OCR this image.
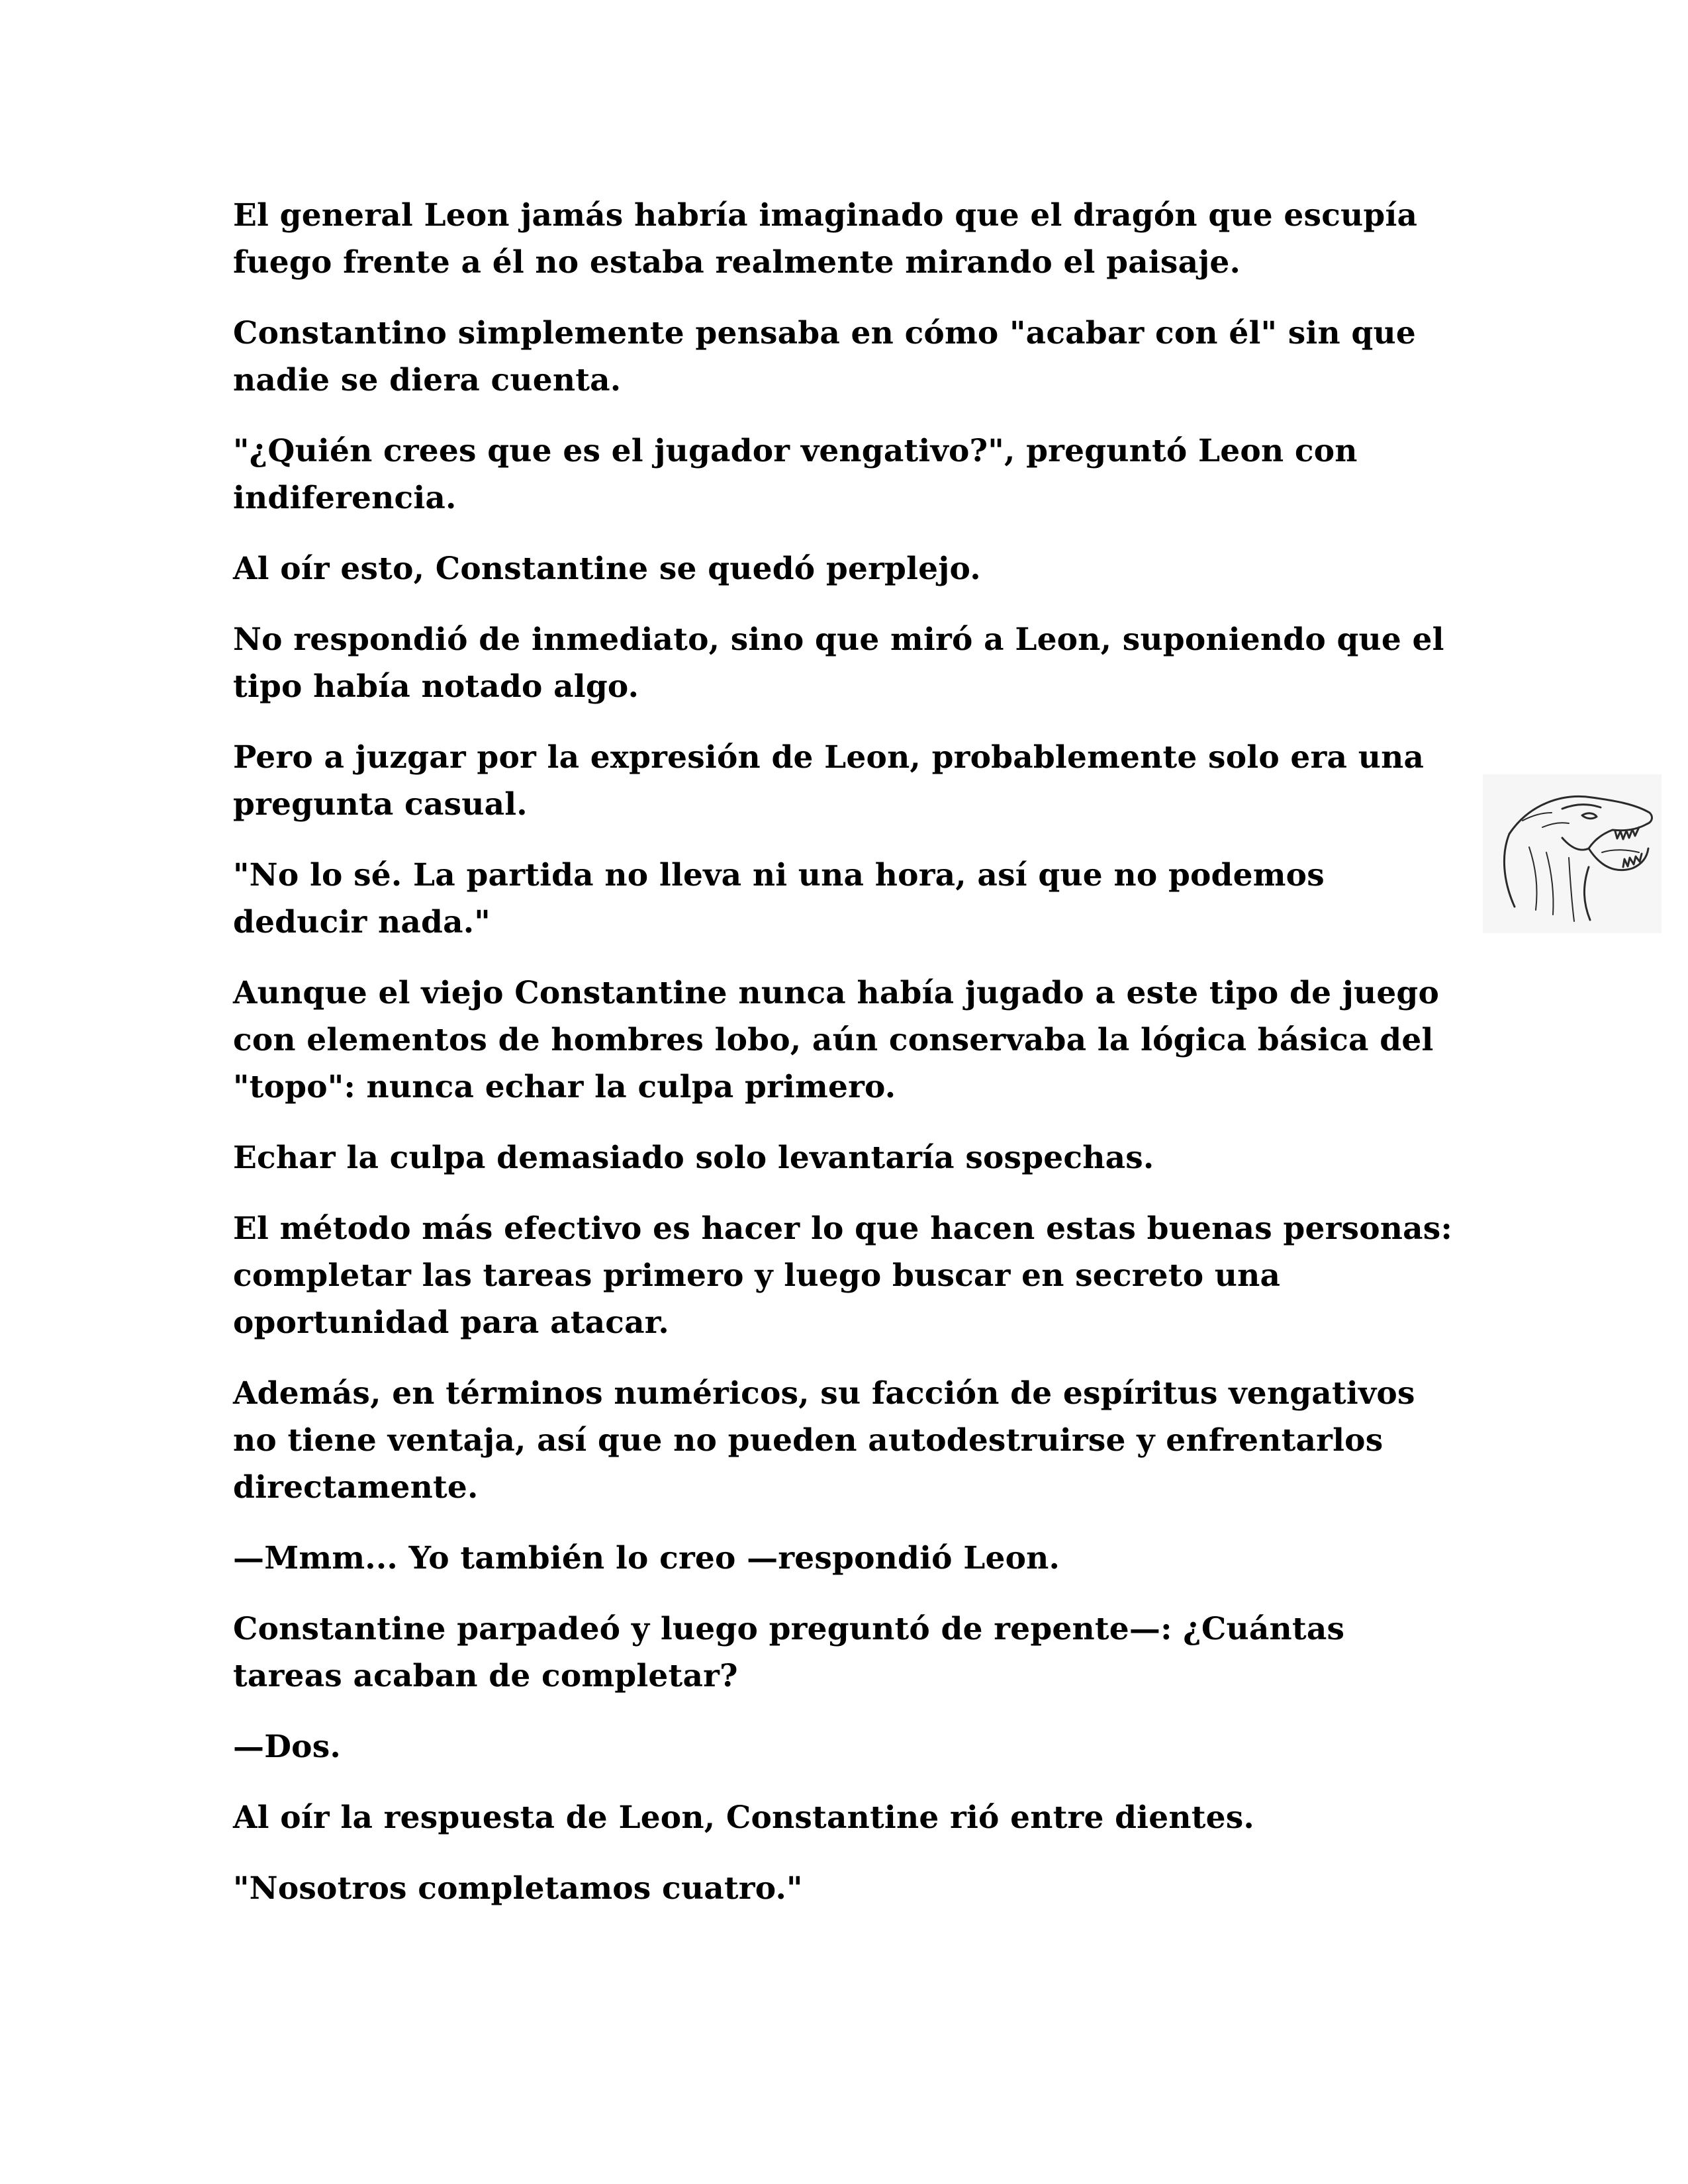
El general Leon jamás habría imaginado que el dragón que escupía fuego frente a él no estaba realmente mirando el paisaje.

Constantino simplemente pensaba en cómo "acabar con él" sin que nadie se diera cuenta.

"¿Quién crees que es el jugador vengativo?", preguntó Leon con indiferencia.

Al oír esto, Constantine se quedó perplejo.

No respondió de inmediato, sino que miró a Leon, suponiendo que el tipo había notado algo.

Pero a juzgar por la expresión de Leon, probablemente solo era una pregunta casual.

"No lo sé. La partida no lleva ni una hora, así que no podemos deducir nada."

Aunque el viejo Constantine nunca había jugado a este tipo de juego con elementos de hombres lobo, aún conservaba la lógica básica del "topo": nunca echar la culpa primero.

Echar la culpa demasiado solo levantaría sospechas.

El método más efectivo es hacer lo que hacen estas buenas personas: completar las tareas primero y luego buscar en secreto una oportunidad para atacar.

Además, en términos numéricos, su facción de espíritus vengativos no tiene ventaja, así que no pueden autodestruirse y enfrentarlos directamente.

—Mmm... Yo también lo creo —respondió Leon.

Constantine parpadeó y luego preguntó de repente—: ¿Cuántas tareas acaban de completar?

—Dos.

Al oír la respuesta de Leon, Constantine rió entre dientes.

"Nosotros completamos cuatro."
